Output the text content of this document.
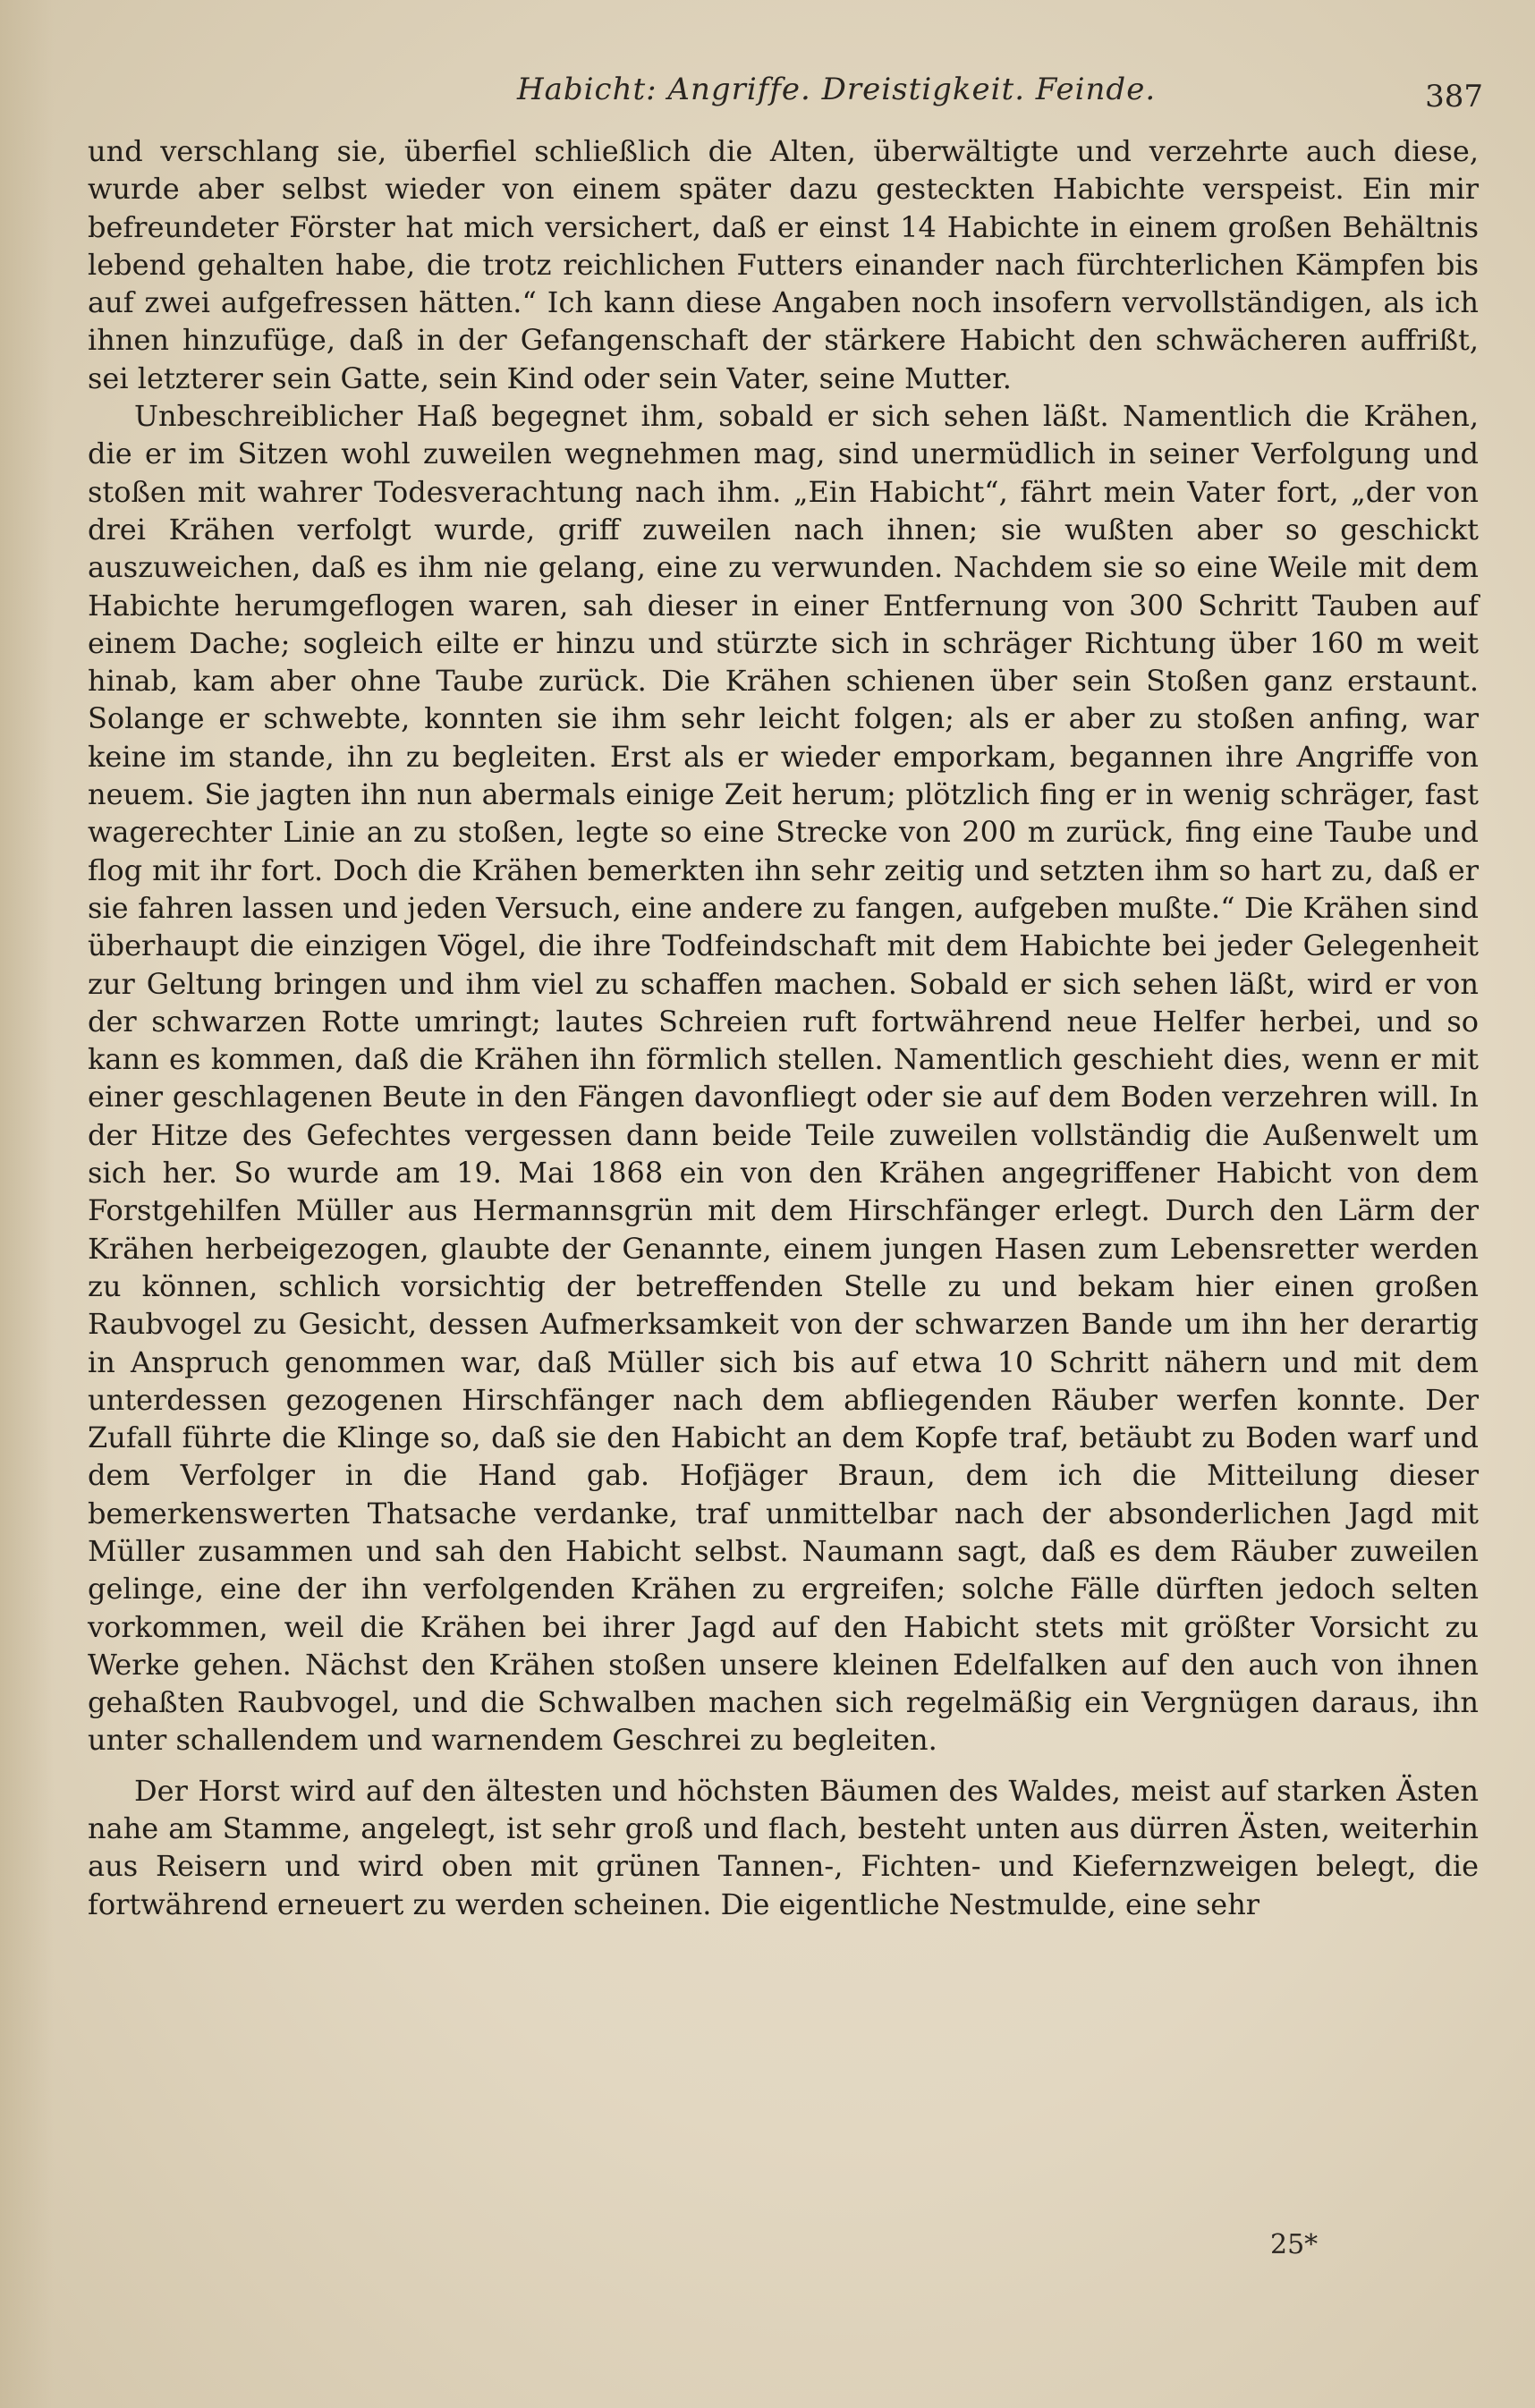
Habicht: Angriffe. Dreistigkeit. Feinde.	387

und verschlang sie, überfiel schließlich die Alten, überwältigte und verzehrte auch diese, wurde aber selbst wieder von einem später dazu gesteckten Habichte verspeist. Ein mir befreundeter Förster hat mich versichert, daß er einst 14 Habichte in einem großen Behältnis lebend gehalten habe, die trotz reichlichen Futters einander nach fürchterlichen Kämpfen bis auf zwei aufgefressen hätten.“ Ich kann diese Angaben noch insofern vervollständigen, als ich ihnen hinzufüge, daß in der Gefangenschaft der stärkere Habicht den schwächeren auffrißt, sei letzterer sein Gatte, sein Kind oder sein Vater, seine Mutter.

Unbeschreiblicher Haß begegnet ihm, sobald er sich sehen läßt. Namentlich die Krähen, die er im Sitzen wohl zuweilen wegnehmen mag, sind unermüdlich in seiner Verfolgung und stoßen mit wahrer Todesverachtung nach ihm. „Ein Habicht“, fährt mein Vater fort, „der von drei Krähen verfolgt wurde, griff zuweilen nach ihnen; sie wußten aber so geschickt auszuweichen, daß es ihm nie gelang, eine zu verwunden. Nachdem sie so eine Weile mit dem Habichte herumgeflogen waren, sah dieser in einer Entfernung von 300 Schritt Tauben auf einem Dache; sogleich eilte er hinzu und stürzte sich in schräger Richtung über 160 m weit hinab, kam aber ohne Taube zurück. Die Krähen schienen über sein Stoßen ganz erstaunt. Solange er schwebte, konnten sie ihm sehr leicht folgen; als er aber zu stoßen anfing, war keine im stande, ihn zu begleiten. Erst als er wieder emporkam, begannen ihre Angriffe von neuem. Sie jagten ihn nun abermals einige Zeit herum; plötzlich fing er in wenig schräger, fast wagerechter Linie an zu stoßen, legte so eine Strecke von 200 m zurück, fing eine Taube und flog mit ihr fort. Doch die Krähen bemerkten ihn sehr zeitig und setzten ihm so hart zu, daß er sie fahren lassen und jeden Versuch, eine andere zu fangen, aufgeben mußte.“ Die Krähen sind überhaupt die einzigen Vögel, die ihre Todfeindschaft mit dem Habichte bei jeder Gelegenheit zur Geltung bringen und ihm viel zu schaffen machen. Sobald er sich sehen läßt, wird er von der schwarzen Rotte umringt; lautes Schreien ruft fortwährend neue Helfer herbei, und so kann es kommen, daß die Krähen ihn förmlich stellen. Namentlich geschieht dies, wenn er mit einer geschlagenen Beute in den Fängen davonfliegt oder sie auf dem Boden verzehren will. In der Hitze des Gefechtes vergessen dann beide Teile zuweilen vollständig die Außenwelt um sich her. So wurde am 19. Mai 1868 ein von den Krähen angegriffener Habicht von dem Forstgehilfen Müller aus Hermannsgrün mit dem Hirschfänger erlegt. Durch den Lärm der Krähen herbeigezogen, glaubte der Genannte, einem jungen Hasen zum Lebensretter werden zu können, schlich vorsichtig der betreffenden Stelle zu und bekam hier einen großen Raubvogel zu Gesicht, dessen Aufmerksamkeit von der schwarzen Bande um ihn her derartig in Anspruch genommen war, daß Müller sich bis auf etwa 10 Schritt nähern und mit dem unterdessen gezogenen Hirschfänger nach dem abfliegenden Räuber werfen konnte. Der Zufall führte die Klinge so, daß sie den Habicht an dem Kopfe traf, betäubt zu Boden warf und dem Verfolger in die Hand gab. Hofjäger Braun, dem ich die Mitteilung dieser bemerkenswerten Thatsache verdanke, traf unmittelbar nach der absonderlichen Jagd mit Müller zusammen und sah den Habicht selbst. Naumann sagt, daß es dem Räuber zuweilen gelinge, eine der ihn verfolgenden Krähen zu ergreifen; solche Fälle dürften jedoch selten vorkommen, weil die Krähen bei ihrer Jagd auf den Habicht stets mit größter Vorsicht zu Werke gehen. Nächst den Krähen stoßen unsere kleinen Edelfalken auf den auch von ihnen gehaßten Raubvogel, und die Schwalben machen sich regelmäßig ein Vergnügen daraus, ihn unter schallendem und warnendem Geschrei zu begleiten.

Der Horst wird auf den ältesten und höchsten Bäumen des Waldes, meist auf starken Ästen nahe am Stamme, angelegt, ist sehr groß und flach, besteht unten aus dürren Ästen, weiterhin aus Reisern und wird oben mit grünen Tannen-, Fichten- und Kiefernzweigen belegt, die fortwährend erneuert zu werden scheinen. Die eigentliche Nestmulde, eine sehr

25*
